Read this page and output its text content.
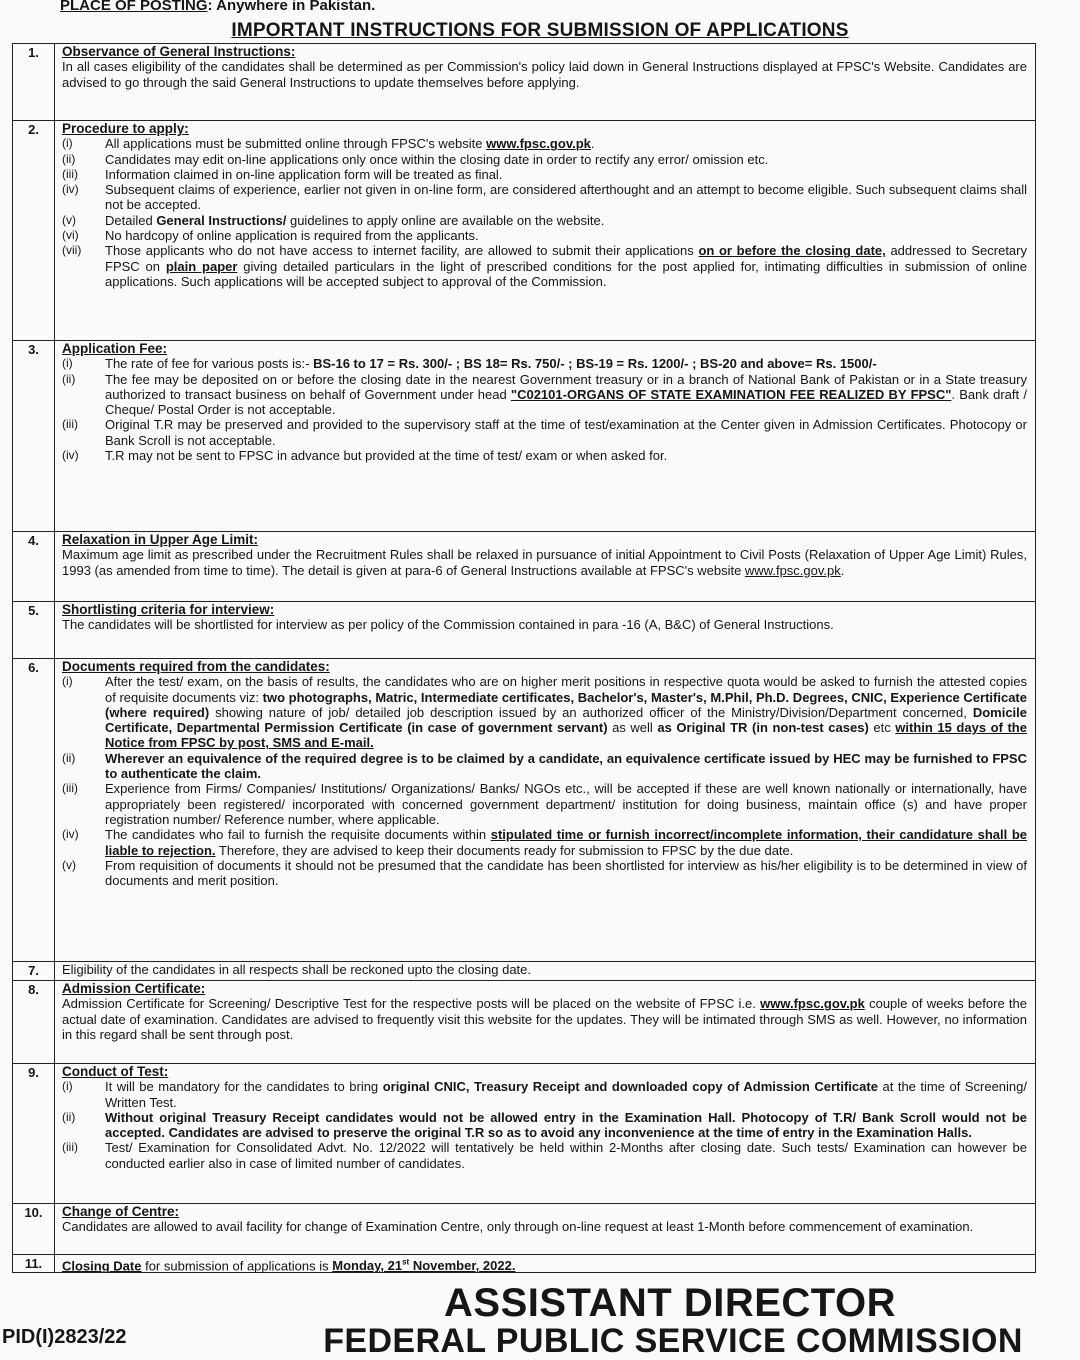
PLACE OF POSTING: Anywhere in Pakistan.
IMPORTANT INSTRUCTIONS FOR SUBMISSION OF APPLICATIONS
1.	Observance of General Instructions:
In all cases eligibility of the candidates shall be determined as per Commission's policy laid down in General Instructions displayed at FPSC's Website. Candidates are advised to go through the said General Instructions to update themselves before applying.
2.	Procedure to apply:
(i)	All applications must be submitted online through FPSC's website www.fpsc.gov.pk.
(ii)	Candidates may edit on-line applications only once within the closing date in order to rectify any error/ omission etc.
(iii)	Information claimed in on-line application form will be treated as final.
(iv)	Subsequent claims of experience, earlier not given in on-line form, are considered afterthought and an attempt to become eligible. Such subsequent claims shall not be accepted.
(v)	Detailed General Instructions/ guidelines to apply online are available on the website.
(vi)	No hardcopy of online application is required from the applicants.
(vii)	Those applicants who do not have access to internet facility, are allowed to submit their applications on or before the closing date, addressed to Secretary FPSC on plain paper giving detailed particulars in the light of prescribed conditions for the post applied for, intimating difficulties in submission of online applications. Such applications will be accepted subject to approval of the Commission.
3.	Application Fee:
(i)	The rate of fee for various posts is:- BS-16 to 17 = Rs. 300/- ; BS 18= Rs. 750/- ; BS-19 = Rs. 1200/- ; BS-20 and above= Rs. 1500/-
(ii)	The fee may be deposited on or before the closing date in the nearest Government treasury or in a branch of National Bank of Pakistan or in a State treasury authorized to transact business on behalf of Government under head "C02101-ORGANS OF STATE EXAMINATION FEE REALIZED BY FPSC". Bank draft / Cheque/ Postal Order is not acceptable.
(iii)	Original T.R may be preserved and provided to the supervisory staff at the time of test/examination at the Center given in Admission Certificates. Photocopy or Bank Scroll is not acceptable.
(iv)	T.R may not be sent to FPSC in advance but provided at the time of test/ exam or when asked for.
4.	Relaxation in Upper Age Limit:
Maximum age limit as prescribed under the Recruitment Rules shall be relaxed in pursuance of initial Appointment to Civil Posts (Relaxation of Upper Age Limit) Rules, 1993 (as amended from time to time). The detail is given at para-6 of General Instructions available at FPSC's website www.fpsc.gov.pk.
5.	Shortlisting criteria for interview:
The candidates will be shortlisted for interview as per policy of the Commission contained in para -16 (A, B&C) of General Instructions.
6.	Documents required from the candidates:
(i)	After the test/ exam, on the basis of results, the candidates who are on higher merit positions in respective quota would be asked to furnish the attested copies of requisite documents viz: two photographs, Matric, Intermediate certificates, Bachelor's, Master's, M.Phil, Ph.D. Degrees, CNIC, Experience Certificate (where required) showing nature of job/ detailed job description issued by an authorized officer of the Ministry/Division/Department concerned, Domicile Certificate, Departmental Permission Certificate (in case of government servant) as well as Original TR (in non-test cases) etc within 15 days of the Notice from FPSC by post, SMS and E-mail.
(ii)	Wherever an equivalence of the required degree is to be claimed by a candidate, an equivalence certificate issued by HEC may be furnished to FPSC to authenticate the claim.
(iii)	Experience from Firms/ Companies/ Institutions/ Organizations/ Banks/ NGOs etc., will be accepted if these are well known nationally or internationally, have appropriately been registered/ incorporated with concerned government department/ institution for doing business, maintain office (s) and have proper registration number/ Reference number, where applicable.
(iv)	The candidates who fail to furnish the requisite documents within stipulated time or furnish incorrect/incomplete information, their candidature shall be liable to rejection. Therefore, they are advised to keep their documents ready for submission to FPSC by the due date.
(v)	From requisition of documents it should not be presumed that the candidate has been shortlisted for interview as his/her eligibility is to be determined in view of documents and merit position.
7.	Eligibility of the candidates in all respects shall be reckoned upto the closing date.
8.	Admission Certificate:
Admission Certificate for Screening/ Descriptive Test for the respective posts will be placed on the website of FPSC i.e. www.fpsc.gov.pk couple of weeks before the actual date of examination. Candidates are advised to frequently visit this website for the updates. They will be intimated through SMS as well. However, no information in this regard shall be sent through post.
9.	Conduct of Test:
(i)	It will be mandatory for the candidates to bring original CNIC, Treasury Receipt and downloaded copy of Admission Certificate at the time of Screening/ Written Test.
(ii)	Without original Treasury Receipt candidates would not be allowed entry in the Examination Hall. Photocopy of T.R/ Bank Scroll would not be accepted. Candidates are advised to preserve the original T.R so as to avoid any inconvenience at the time of entry in the Examination Halls.
(iii)	Test/ Examination for Consolidated Advt. No. 12/2022 will tentatively be held within 2-Months after closing date. Such tests/ Examination can however be conducted earlier also in case of limited number of candidates.
10.	Change of Centre:
Candidates are allowed to avail facility for change of Examination Centre, only through on-line request at least 1-Month before commencement of examination.
11.	Closing Date for submission of applications is Monday, 21st November, 2022.
ASSISTANT DIRECTOR
FEDERAL PUBLIC SERVICE COMMISSION
PID(I)2823/22
